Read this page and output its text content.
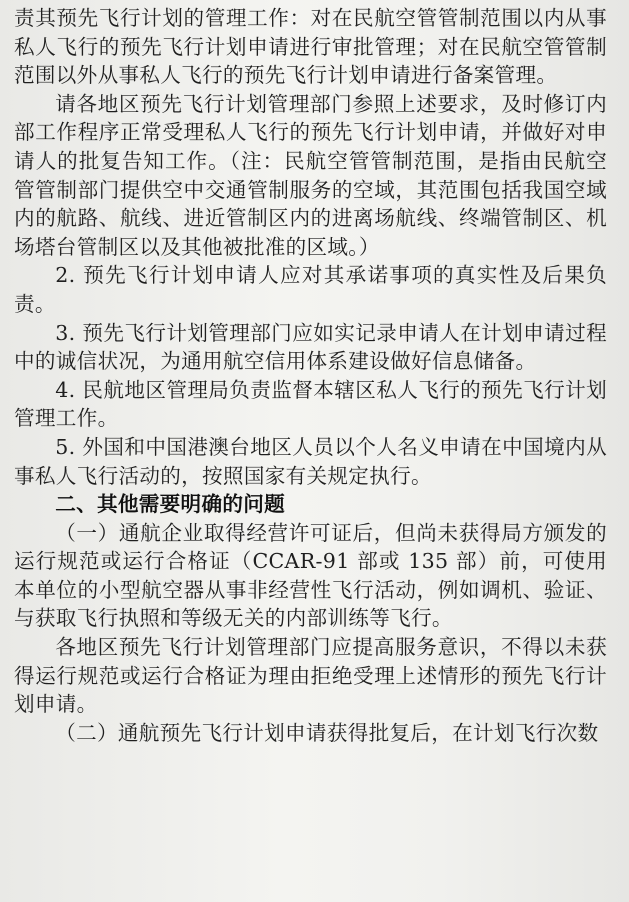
责其预先飞行计划的管理工作：对在民航空管管制范围以内从事私人飞行的预先飞行计划申请进行审批管理；对在民航空管管制范围以外从事私人飞行的预先飞行计划申请进行备案管理。

请各地区预先飞行计划管理部门参照上述要求，及时修订内部工作程序正常受理私人飞行的预先飞行计划申请，并做好对申请人的批复告知工作。（注：民航空管管制范围，是指由民航空管管制部门提供空中交通管制服务的空域，其范围包括我国空域内的航路、航线、进近管制区内的进离场航线、终端管制区、机场塔台管制区以及其他被批准的区域。）

2. 预先飞行计划申请人应对其承诺事项的真实性及后果负责。

3. 预先飞行计划管理部门应如实记录申请人在计划申请过程中的诚信状况，为通用航空信用体系建设做好信息储备。

4. 民航地区管理局负责监督本辖区私人飞行的预先飞行计划管理工作。

5. 外国和中国港澳台地区人员以个人名义申请在中国境内从事私人飞行活动的，按照国家有关规定执行。

二、其他需要明确的问题

（一）通航企业取得经营许可证后，但尚未获得局方颁发的运行规范或运行合格证（CCAR-91 部或 135 部）前，可使用本单位的小型航空器从事非经营性飞行活动，例如调机、验证、与获取飞行执照和等级无关的内部训练等飞行。

各地区预先飞行计划管理部门应提高服务意识，不得以未获得运行规范或运行合格证为理由拒绝受理上述情形的预先飞行计划申请。

（二）通航预先飞行计划申请获得批复后，在计划飞行次数
